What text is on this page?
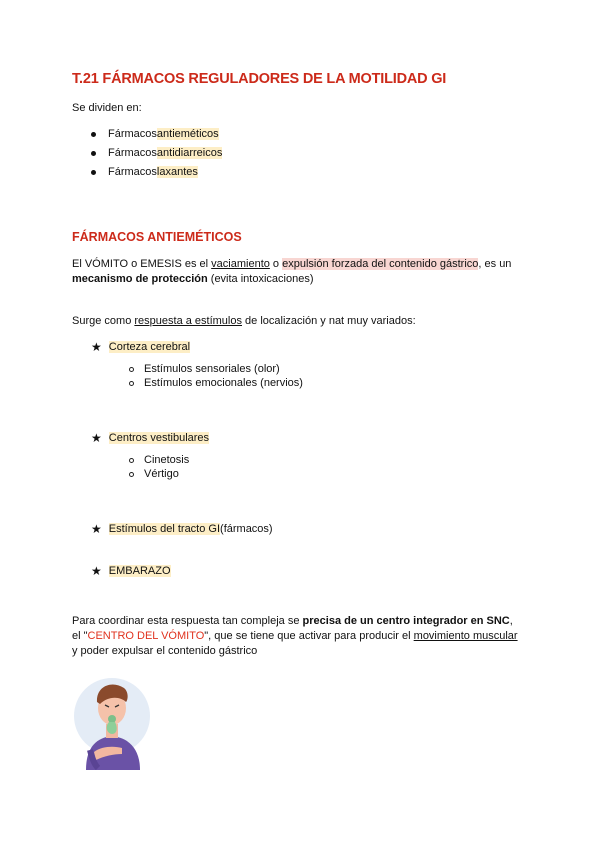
T.21 FÁRMACOS REGULADORES DE LA MOTILIDAD GI
Se dividen en:
Fármacos antieméticos
Fármacos antidiarreicos
Fármacos laxantes
FÁRMACOS ANTIEMÉTICOS
El VÓMITO o EMESIS es el vaciamiento o expulsión forzada del contenido gástrico, es un
mecanismo de protección (evita intoxicaciones)
Surge como respuesta a estímulos de localización y nat muy variados:
★ Corteza cerebral
Estímulos sensoriales (olor)
Estímulos emocionales (nervios)
★ Centros vestibulares
Cinetosis
Vértigo
★ Estímulos del tracto GI (fármacos)
★ EMBARAZO
Para coordinar esta respuesta tan compleja se precisa de un centro integrador en SNC,
el "CENTRO DEL VÓMITO", que se tiene que activar para producir el movimiento muscular
y poder expulsar el contenido gástrico
